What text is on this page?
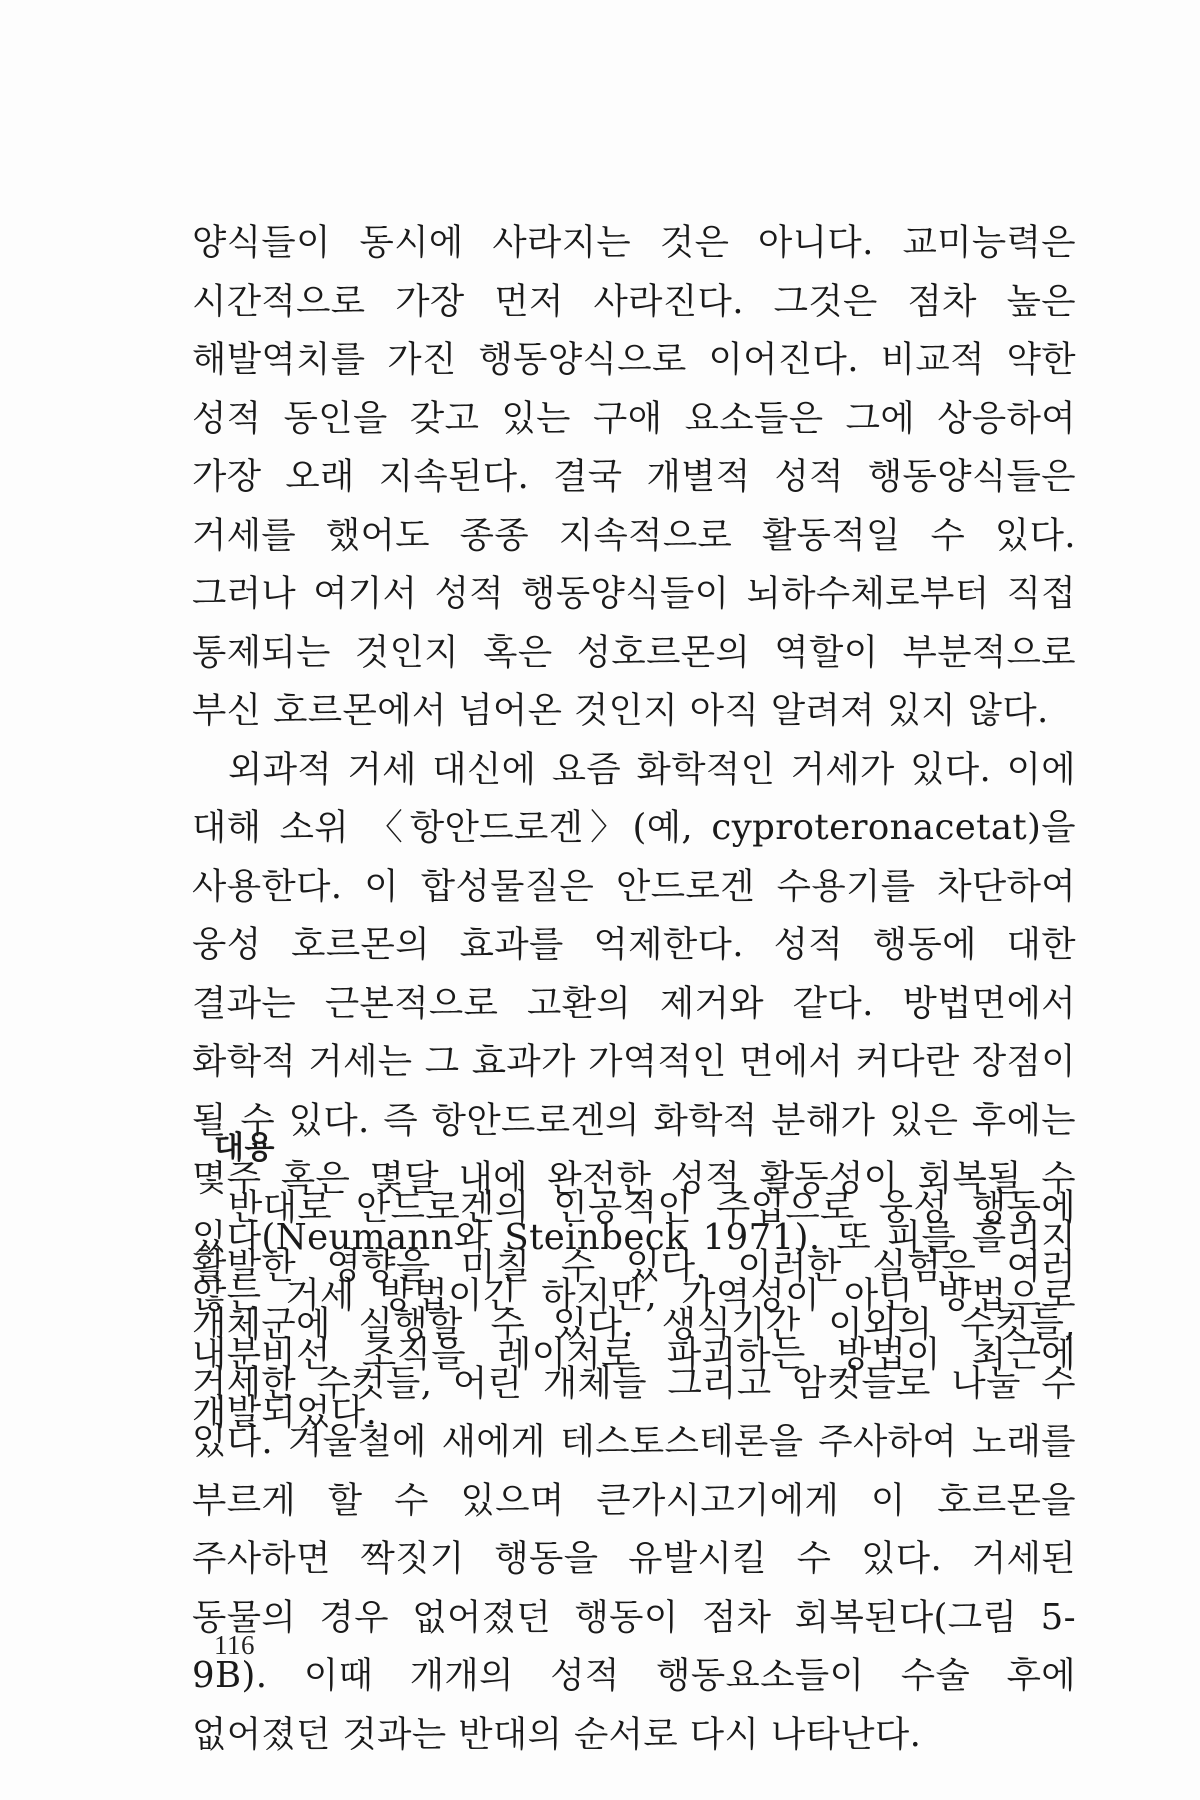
양식들이 동시에 사라지는 것은 아니다. 교미능력은 시간적으로 가장 먼저 사라진다. 그것은 점차 높은 해발역치를 가진 행동양식으로 이어진다. 비교적 약한 성적 동인을 갖고 있는 구애 요소들은 그에 상응하여 가장 오래 지속된다. 결국 개별적 성적 행동양식들은 거세를 했어도 종종 지속적으로 활동적일 수 있다. 그러나 여기서 성적 행동양식들이 뇌하수체로부터 직접 통제되는 것인지 혹은 성호르몬의 역할이 부분적으로 부신 호르몬에서 넘어온 것인지 아직 알려져 있지 않다.

외과적 거세 대신에 요즘 화학적인 거세가 있다. 이에 대해 소위 〈항안드로겐〉(예, cyproteronacetat)을 사용한다. 이 합성물질은 안드로겐 수용기를 차단하여 웅성 호르몬의 효과를 억제한다. 성적 행동에 대한 결과는 근본적으로 고환의 제거와 같다. 방법면에서 화학적 거세는 그 효과가 가역적인 면에서 커다란 장점이 될 수 있다. 즉 항안드로겐의 화학적 분해가 있은 후에는 몇주 혹은 몇달 내에 완전한 성적 활동성이 회복될 수 있다(Neumann와 Steinbeck 1971). 또 피를 흘리지 않는 거세 방법이긴 하지만, 가역성이 아닌 방법으로 내분비선 조직을 레이저로 파괴하는 방법이 최근에 개발되었다.

대용

반대로 안드로겐의 인공적인 주입으로 웅성 행동에 활발한 영향을 미칠 수 있다. 이러한 실험은 여러 개체군에 실행할 수 있다. 생식기간 이외의 수컷들, 거세한 수컷들, 어린 개체들 그리고 암컷들로 나눌 수 있다. 겨울철에 새에게 테스토스테론을 주사하여 노래를 부르게 할 수 있으며 큰가시고기에게 이 호르몬을 주사하면 짝짓기 행동을 유발시킬 수 있다. 거세된 동물의 경우 없어졌던 행동이 점차 회복된다(그림 5-9B). 이때 개개의 성적 행동요소들이 수술 후에 없어졌던 것과는 반대의 순서로 다시 나타난다.

116
